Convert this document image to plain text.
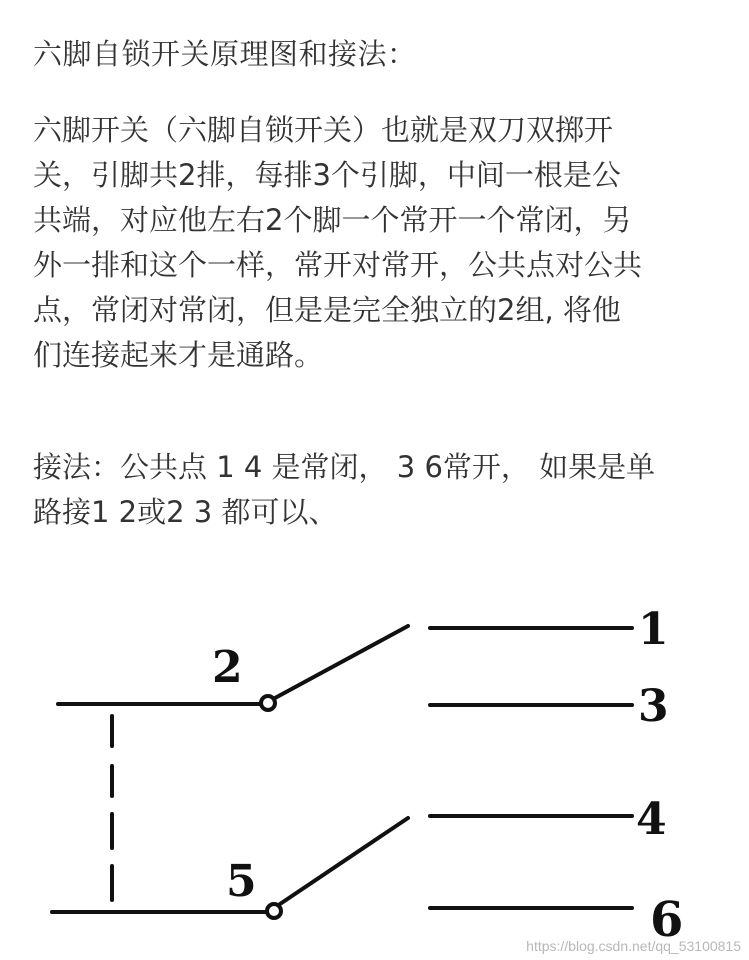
六脚自锁开关原理图和接法：
六脚开关（六脚自锁开关）也就是双刀双掷开
关，引脚共2排，每排3个引脚，中间一根是公
共端，对应他左右2个脚一个常开一个常闭，另
外一排和这个一样，常开对常开，公共点对公共
点，常闭对常闭，但是是完全独立的2组, 将他
们连接起来才是通路。
接法：公共点 1 4 是常闭， 3 6常开， 如果是单
路接1 2或2 3 都可以、
1
2
3
4
5
6
https://blog.csdn.net/qq_53100815
